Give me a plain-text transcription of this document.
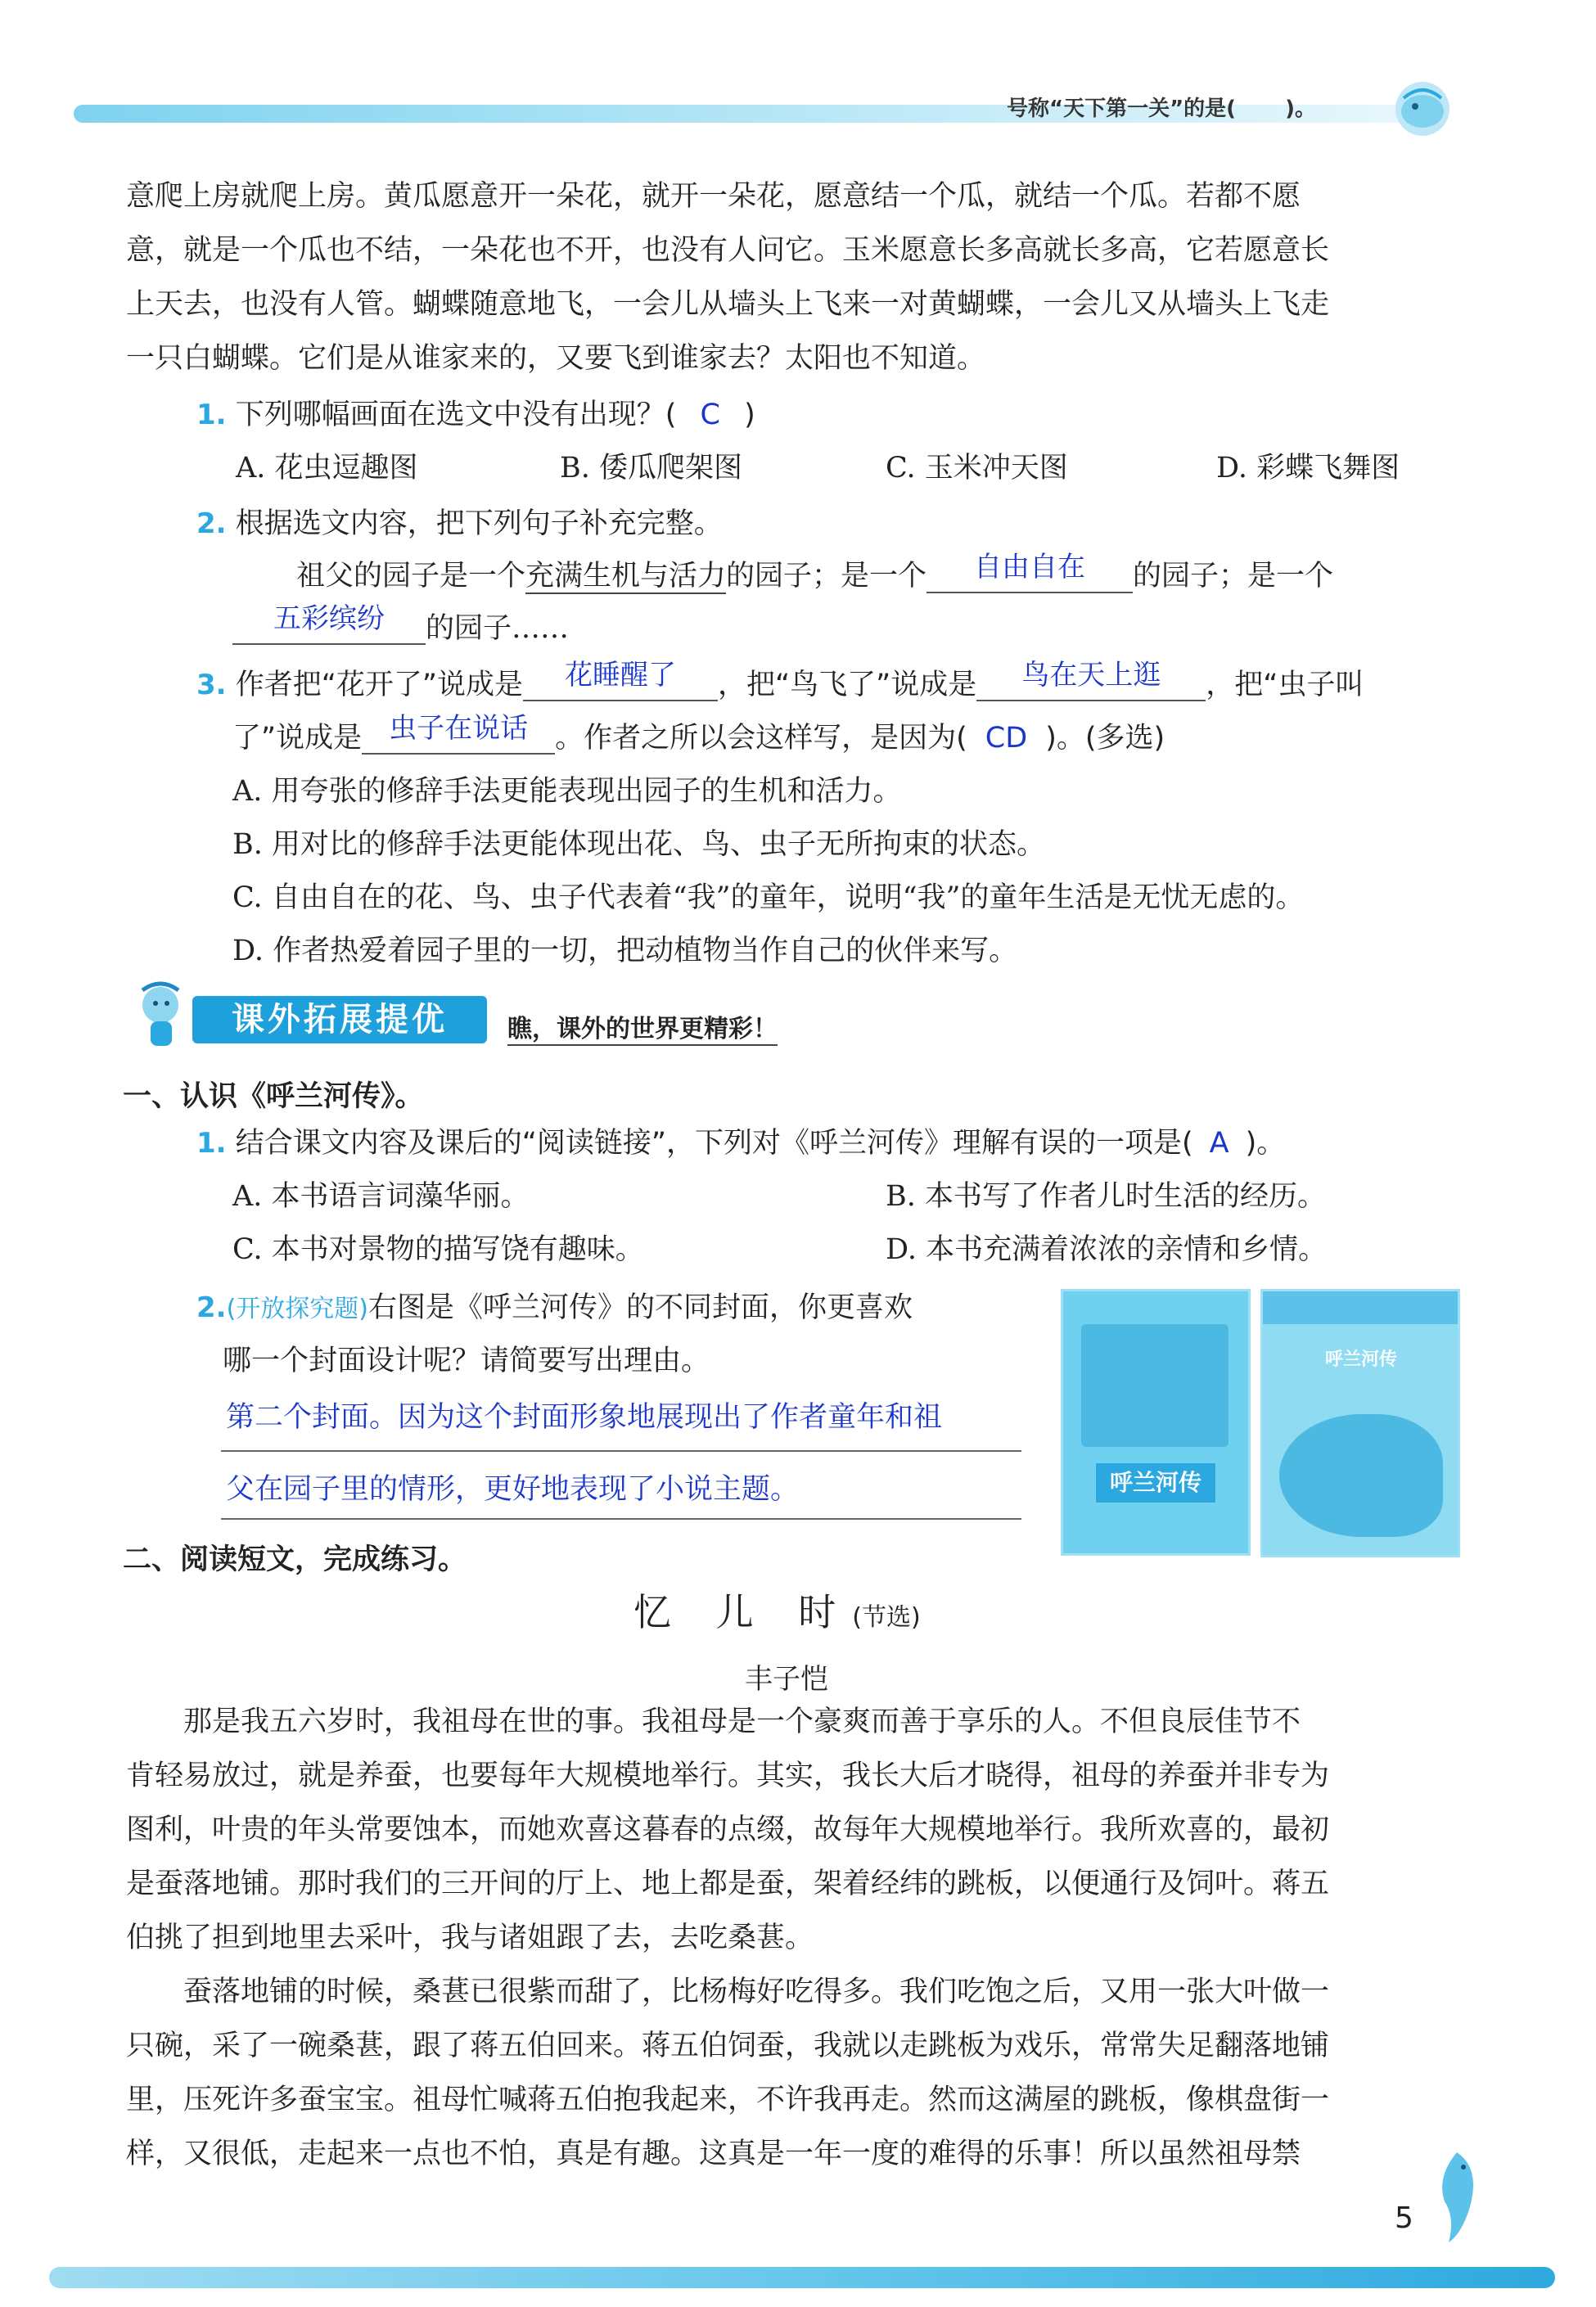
号称“天下第一关”的是( )。
意爬上房就爬上房。黄瓜愿意开一朵花，就开一朵花，愿意结一个瓜，就结一个瓜。若都不愿
意，就是一个瓜也不结，一朵花也不开，也没有人问它。玉米愿意长多高就长多高，它若愿意长
上天去，也没有人管。蝴蝶随意地飞，一会儿从墙头上飞来一对黄蝴蝶，一会儿又从墙头上飞走
一只白蝴蝶。它们是从谁家来的，又要飞到谁家去？太阳也不知道。
1. 下列哪幅画面在选文中没有出现？( C )
A. 花虫逗趣图	B. 倭瓜爬架图	C. 玉米冲天图	D. 彩蝶飞舞图
2. 根据选文内容，把下列句子补充完整。
祖父的园子是一个充满生机与活力的园子；是一个 自由自在 的园子；是一个
五彩缤纷 的园子……
3. 作者把“花开了”说成是 花睡醒了 ，把“鸟飞了”说成是 鸟在天上逛 ，把“虫子叫
了”说成是 虫子在说话 。作者之所以会这样写，是因为( CD )。(多选)
A. 用夸张的修辞手法更能表现出园子的生机和活力。
B. 用对比的修辞手法更能体现出花、鸟、虫子无所拘束的状态。
C. 自由自在的花、鸟、虫子代表着“我”的童年，说明“我”的童年生活是无忧无虑的。
D. 作者热爱着园子里的一切，把动植物当作自己的伙伴来写。
课外拓展提优	瞧，课外的世界更精彩！
一、认识《呼兰河传》。
1. 结合课文内容及课后的“阅读链接”，下列对《呼兰河传》理解有误的一项是( A )。
A. 本书语言词藻华丽。	B. 本书写了作者儿时生活的经历。
C. 本书对景物的描写饶有趣味。	D. 本书充满着浓浓的亲情和乡情。
2.(开放探究题)右图是《呼兰河传》的不同封面，你更喜欢
哪一个封面设计呢？请简要写出理由。
第二个封面。因为这个封面形象地展现出了作者童年和祖
父在园子里的情形，更好地表现了小说主题。	呼兰河传
呼兰河传
二、阅读短文，完成练习。
忆 儿 时(节选)
丰子恺
那是我五六岁时，我祖母在世的事。我祖母是一个豪爽而善于享乐的人。不但良辰佳节不
肯轻易放过，就是养蚕，也要每年大规模地举行。其实，我长大后才晓得，祖母的养蚕并非专为
图利，叶贵的年头常要蚀本，而她欢喜这暮春的点缀，故每年大规模地举行。我所欢喜的，最初
是蚕落地铺。那时我们的三开间的厅上、地上都是蚕，架着经纬的跳板，以便通行及饲叶。蒋五
伯挑了担到地里去采叶，我与诸姐跟了去，去吃桑葚。
蚕落地铺的时候，桑葚已很紫而甜了，比杨梅好吃得多。我们吃饱之后，又用一张大叶做一
只碗，采了一碗桑葚，跟了蒋五伯回来。蒋五伯饲蚕，我就以走跳板为戏乐，常常失足翻落地铺
里，压死许多蚕宝宝。祖母忙喊蒋五伯抱我起来，不许我再走。然而这满屋的跳板，像棋盘街一
样，又很低，走起来一点也不怕，真是有趣。这真是一年一度的难得的乐事！所以虽然祖母禁
5
